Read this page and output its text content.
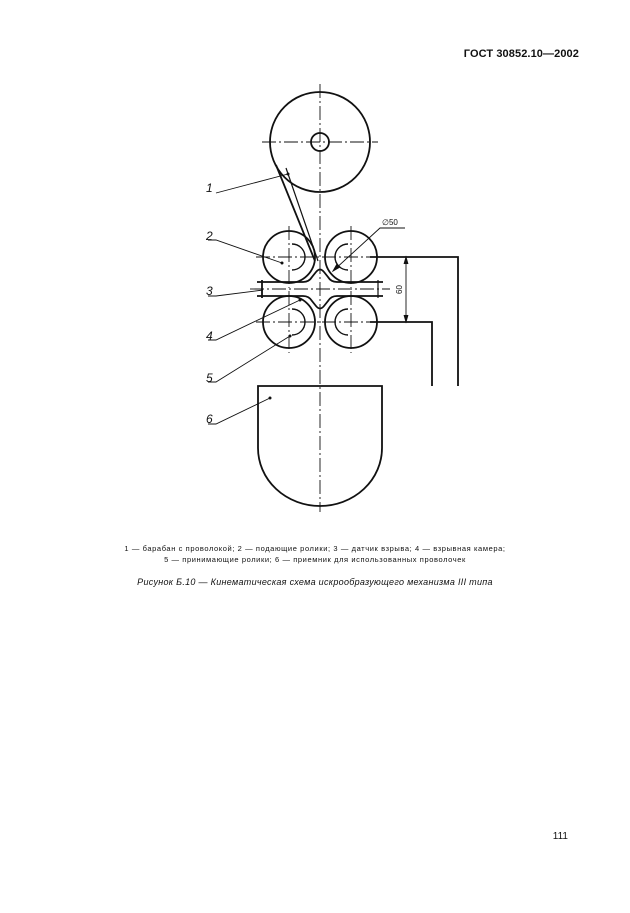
ГОСТ 30852.10—2002
1
2
3
4
5
6
∅50
60
1 — барабан с проволокой; 2 — подающие ролики; 3 — датчик взрыва; 4 — взрывная камера;
5 — принимающие ролики; 6 — приемник для использованных проволочек
Рисунок Б.10 — Кинематическая схема искрообразующего механизма III типа
111
